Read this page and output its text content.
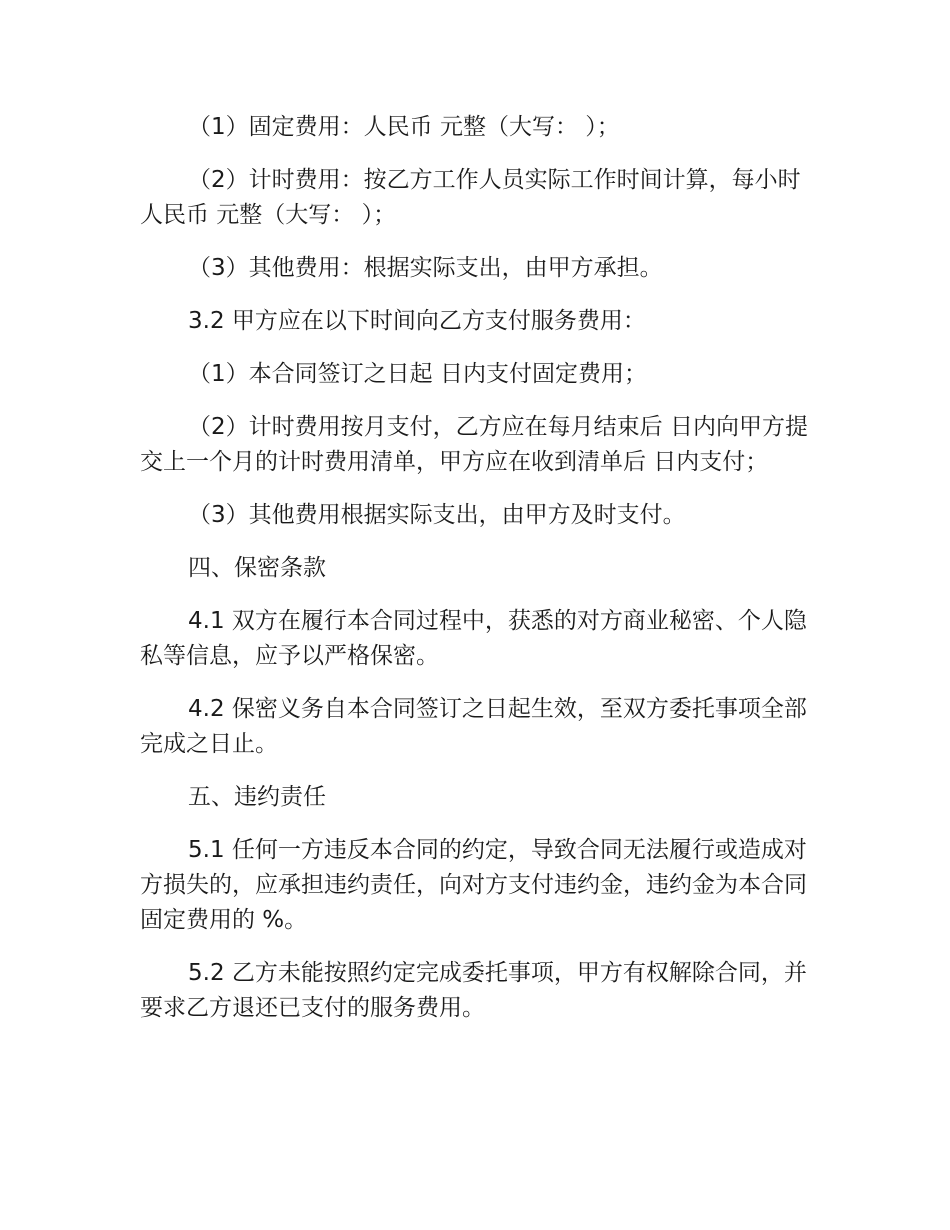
（1）固定费用：人民币 元整（大写： ）；

（2）计时费用：按乙方工作人员实际工作时间计算，每小时人民币 元整（大写： ）；

（3）其他费用：根据实际支出，由甲方承担。

3.2 甲方应在以下时间向乙方支付服务费用：

（1）本合同签订之日起 日内支付固定费用；

（2）计时费用按月支付，乙方应在每月结束后 日内向甲方提交上一个月的计时费用清单，甲方应在收到清单后 日内支付；

（3）其他费用根据实际支出，由甲方及时支付。

四、保密条款

4.1 双方在履行本合同过程中，获悉的对方商业秘密、个人隐私等信息，应予以严格保密。

4.2 保密义务自本合同签订之日起生效，至双方委托事项全部完成之日止。

五、违约责任

5.1 任何一方违反本合同的约定，导致合同无法履行或造成对方损失的，应承担违约责任，向对方支付违约金，违约金为本合同固定费用的 %。

5.2 乙方未能按照约定完成委托事项，甲方有权解除合同，并要求乙方退还已支付的服务费用。
